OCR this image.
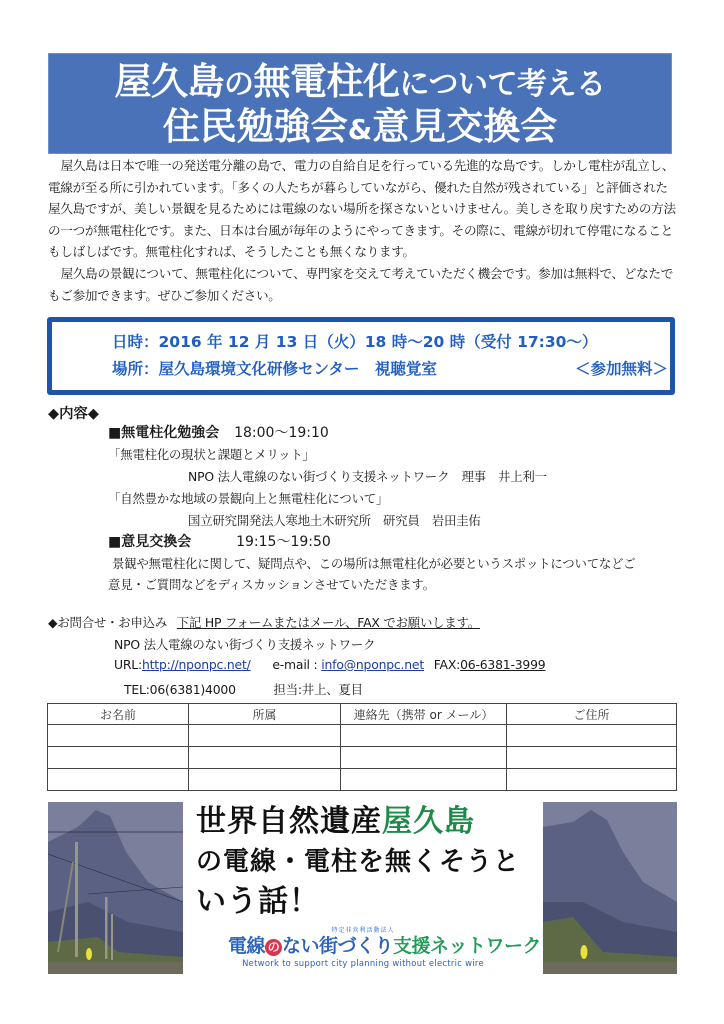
屋久島の無電柱化について考える
住民勉強会&意見交換会

屋久島は日本で唯一の発送電分離の島で、電力の自給自足を行っている先進的な島です。しかし電柱が乱立し、電線が至る所に引かれています。「多くの人たちが暮らしていながら、優れた自然が残されている」と評価された屋久島ですが、美しい景観を見るためには電線のない場所を探さないといけません。美しさを取り戻すための方法の一つが無電柱化です。また、日本は台風が毎年のようにやってきます。その際に、電線が切れて停電になることもしばしばです。無電柱化すれば、そうしたことも無くなります。

屋久島の景観について、無電柱化について、専門家を交えて考えていただく機会です。参加は無料で、どなたでもご参加できます。ぜひご参加ください。

日時：2016 年 12 月 13 日（火）18 時～20 時（受付 17:30～）
場所：屋久島環境文化研修センター　視聴覚室	＜参加無料＞
◆内容◆
■無電柱化勉強会 18:00～19:10
「無電柱化の現状と課題とメリット」
NPO 法人電線のない街づくり支援ネットワーク　理事　井上利一
「自然豊かな地域の景観向上と無電柱化について」
国立研究開発法人寒地土木研究所　研究員　岩田圭佑
■意見交換会	19:15～19:50
景観や無電柱化に関して、疑問点や、この場所は無電柱化が必要というスポットについてなどご
意見・ご質問などをディスカッションさせていただきます。
◆お問合せ・お申込み 下記 HP フォームまたはメール、FAX でお願いします。
NPO 法人電線のない街づくり支援ネットワーク
URL:http://nponpc.net/ e-mail : info@nponpc.net FAX:06-6381-3999
TEL:06(6381)4000	担当:井上、夏目
お名前	所属	連絡先（携帯 or メール）	ご住所

世界自然遺産屋久島
の電線・電柱を無くそうと
いう話！
特定非営利活動法人
電線 の ない街づくり支援ネットワーク
Network to support city planning without electric wire
